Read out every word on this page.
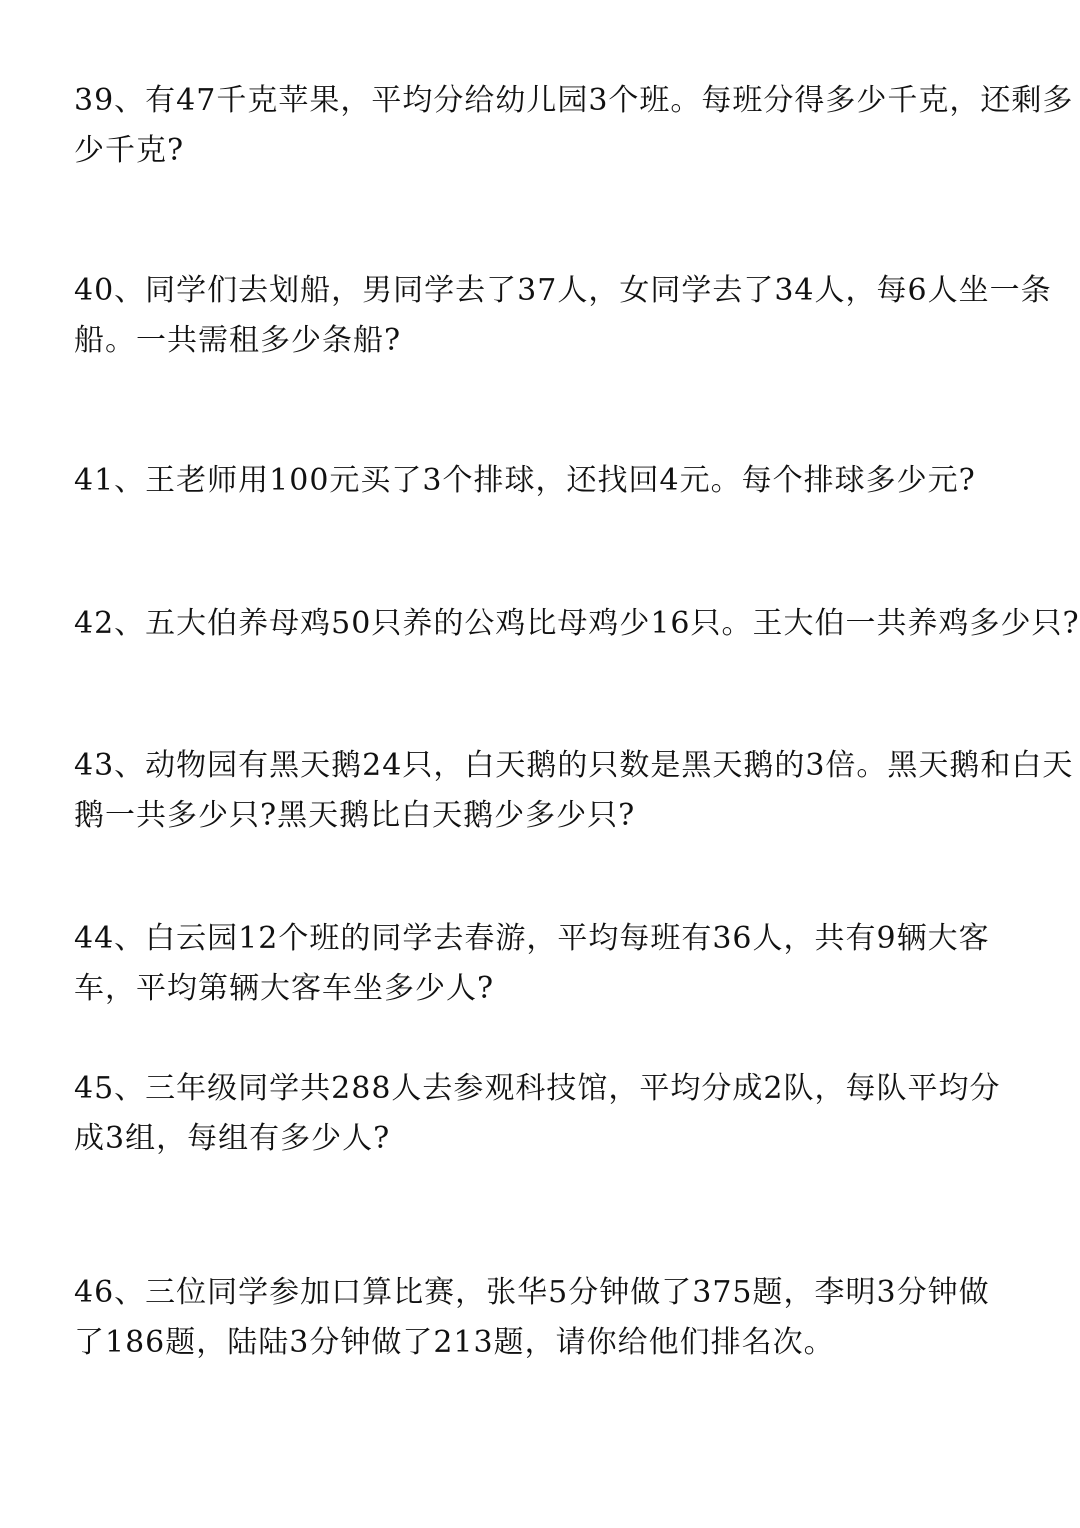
39、有47千克苹果，平均分给幼儿园3个班。每班分得多少千克，还剩多
少千克?

40、同学们去划船，男同学去了37人，女同学去了34人，每6人坐一条
船。一共需租多少条船?

41、王老师用100元买了3个排球，还找回4元。每个排球多少元?

42、五大伯养母鸡50只养的公鸡比母鸡少16只。王大伯一共养鸡多少只?

43、动物园有黑天鹅24只，白天鹅的只数是黑天鹅的3倍。黑天鹅和白天
鹅一共多少只?黑天鹅比白天鹅少多少只?

44、白云园12个班的同学去春游，平均每班有36人，共有9辆大客
车，平均第辆大客车坐多少人?

45、三年级同学共288人去参观科技馆，平均分成2队，每队平均分
成3组，每组有多少人?

46、三位同学参加口算比赛，张华5分钟做了375题，李明3分钟做
了186题，陆陆3分钟做了213题，请你给他们排名次。
